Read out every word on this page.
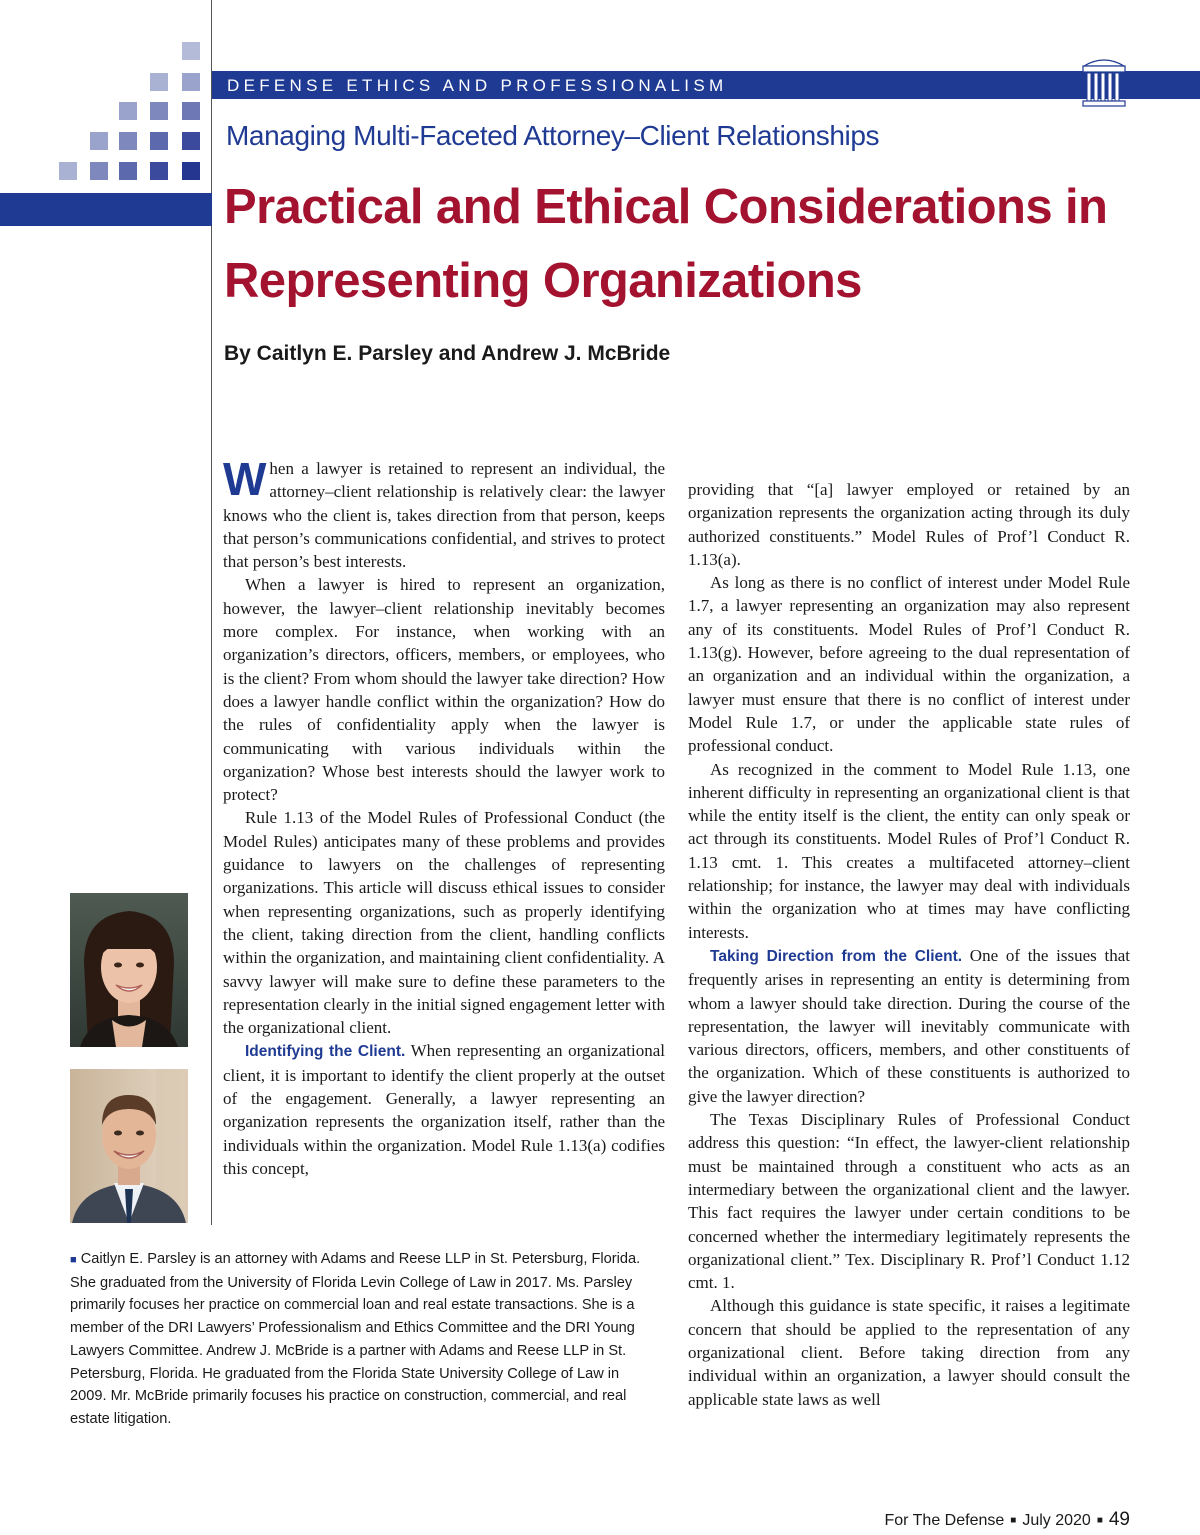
DEFENSE ETHICS AND PROFESSIONALISM
Managing Multi-Faceted Attorney–Client Relationships
Practical and Ethical Considerations in Representing Organizations
By Caitlyn E. Parsley and Andrew J. McBride

When a lawyer is retained to represent an individual, the attorney–client relationship is relatively clear: the lawyer knows who the client is, takes direction from that person, keeps that person’s communications confidential, and strives to protect that person’s best interests.

When a lawyer is hired to represent an organization, however, the lawyer–client relationship inevitably becomes more complex. For instance, when working with an organization’s directors, officers, members, or employees, who is the client? From whom should the lawyer take direction? How does a lawyer handle conflict within the organization? How do the rules of confidentiality apply when the lawyer is communicating with various individuals within the organization? Whose best interests should the lawyer work to protect?

Rule 1.13 of the Model Rules of Professional Conduct (the Model Rules) anticipates many of these problems and provides guidance to lawyers on the challenges of representing organizations. This article will discuss ethical issues to consider when representing organizations, such as properly identifying the client, taking direction from the client, handling conflicts within the organization, and maintaining client confidentiality. A savvy lawyer will make sure to define these parameters to the representation clearly in the initial signed engagement letter with the organizational client.

Identifying the Client. When representing an organizational client, it is important to identify the client properly at the outset of the engagement. Generally, a lawyer representing an organization represents the organization itself, rather than the individuals within the organization. Model Rule 1.13(a) codifies this concept,

providing that “[a] lawyer employed or retained by an organization represents the organization acting through its duly authorized constituents.” Model Rules of Prof’l Conduct R. 1.13(a).

As long as there is no conflict of interest under Model Rule 1.7, a lawyer representing an organization may also represent any of its constituents. Model Rules of Prof’l Conduct R. 1.13(g). However, before agreeing to the dual representation of an organization and an individual within the organization, a lawyer must ensure that there is no conflict of interest under Model Rule 1.7, or under the applicable state rules of professional conduct.

As recognized in the comment to Model Rule 1.13, one inherent difficulty in representing an organizational client is that while the entity itself is the client, the entity can only speak or act through its constituents. Model Rules of Prof’l Conduct R. 1.13 cmt. 1. This creates a multifaceted attorney–client relationship; for instance, the lawyer may deal with individuals within the organization who at times may have conflicting interests.

Taking Direction from the Client. One of the issues that frequently arises in representing an entity is determining from whom a lawyer should take direction. During the course of the representation, the lawyer will inevitably communicate with various directors, officers, members, and other constituents of the organization. Which of these constituents is authorized to give the lawyer direction?

The Texas Disciplinary Rules of Professional Conduct address this question: “In effect, the lawyer-client relationship must be maintained through a constituent who acts as an intermediary between the organizational client and the lawyer. This fact requires the lawyer under certain conditions to be concerned whether the intermediary legitimately represents the organizational client.” Tex. Disciplinary R. Prof’l Conduct 1.12 cmt. 1.

Although this guidance is state specific, it raises a legitimate concern that should be applied to the representation of any organizational client. Before taking direction from any individual within an organization, a lawyer should consult the applicable state laws as well

■ Caitlyn E. Parsley is an attorney with Adams and Reese LLP in St. Petersburg, Florida. She graduated from the University of Florida Levin College of Law in 2017. Ms. Parsley primarily focuses her practice on commercial loan and real estate transactions. She is a member of the DRI Lawyers’ Professionalism and Ethics Committee and the DRI Young Lawyers Committee. Andrew J. McBride is a partner with Adams and Reese LLP in St. Petersburg, Florida. He graduated from the Florida State University College of Law in 2009. Mr. McBride primarily focuses his practice on construction, commercial, and real estate litigation.
For The Defense ■ July 2020 ■ 49
